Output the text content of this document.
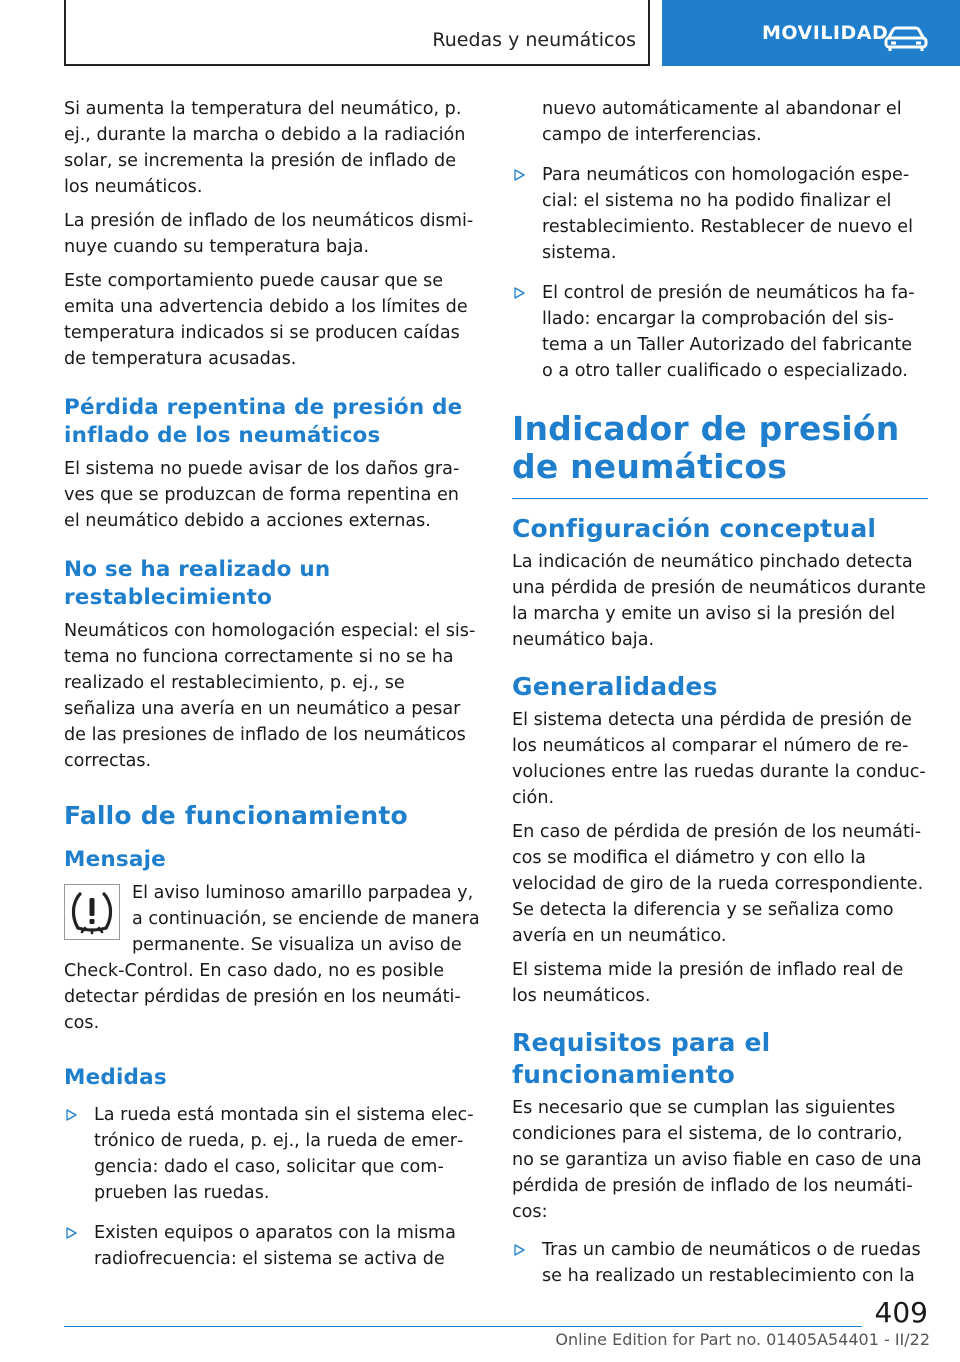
Ruedas y neumáticos	MOVILIDAD

Si aumenta la temperatura del neumático, p. ej., durante la marcha o debido a la radiación solar, se incrementa la presión de inflado de los neumáticos.

La presión de inflado de los neumáticos disminuye cuando su temperatura baja.

Este comportamiento puede causar que se emita una advertencia debido a los límites de temperatura indicados si se producen caídas de temperatura acusadas.

Pérdida repentina de presión de inflado de los neumáticos

El sistema no puede avisar de los daños graves que se produzcan de forma repentina en el neumático debido a acciones externas.

No se ha realizado un restablecimiento

Neumáticos con homologación especial: el sistema no funciona correctamente si no se ha realizado el restablecimiento, p. ej., se señaliza una avería en un neumático a pesar de las presiones de inflado de los neumáticos correctas.

Fallo de funcionamiento
Mensaje

El aviso luminoso amarillo parpadea y, a continuación, se enciende de manera permanente. Se visualiza un aviso de Check-Control. En caso dado, no es posible detectar pérdidas de presión en los neumáticos.

Medidas
La rueda está montada sin el sistema electrónico de rueda, p. ej., la rueda de emergencia: dado el caso, solicitar que comprueben las ruedas.
Existen equipos o aparatos con la misma radiofrecuencia: el sistema se activa de

nuevo automáticamente al abandonar el campo de interferencias.

Para neumáticos con homologación especial: el sistema no ha podido finalizar el restablecimiento. Restablecer de nuevo el sistema.
El control de presión de neumáticos ha fallado: encargar la comprobación del sistema a un Taller Autorizado del fabricante o a otro taller cualificado o especializado.
Indicador de presión de neumáticos
Configuración conceptual

La indicación de neumático pinchado detecta una pérdida de presión de neumáticos durante la marcha y emite un aviso si la presión del neumático baja.

Generalidades

El sistema detecta una pérdida de presión de los neumáticos al comparar el número de revoluciones entre las ruedas durante la conducción.

En caso de pérdida de presión de los neumáticos se modifica el diámetro y con ello la velocidad de giro de la rueda correspondiente. Se detecta la diferencia y se señaliza como avería en un neumático.

El sistema mide la presión de inflado real de los neumáticos.

Requisitos para el funcionamiento

Es necesario que se cumplan las siguientes condiciones para el sistema, de lo contrario, no se garantiza un aviso fiable en caso de una pérdida de presión de inflado de los neumáticos:

Tras un cambio de neumáticos o de ruedas se ha realizado un restablecimiento con la
409
Online Edition for Part no. 01405A54401 - II/22
